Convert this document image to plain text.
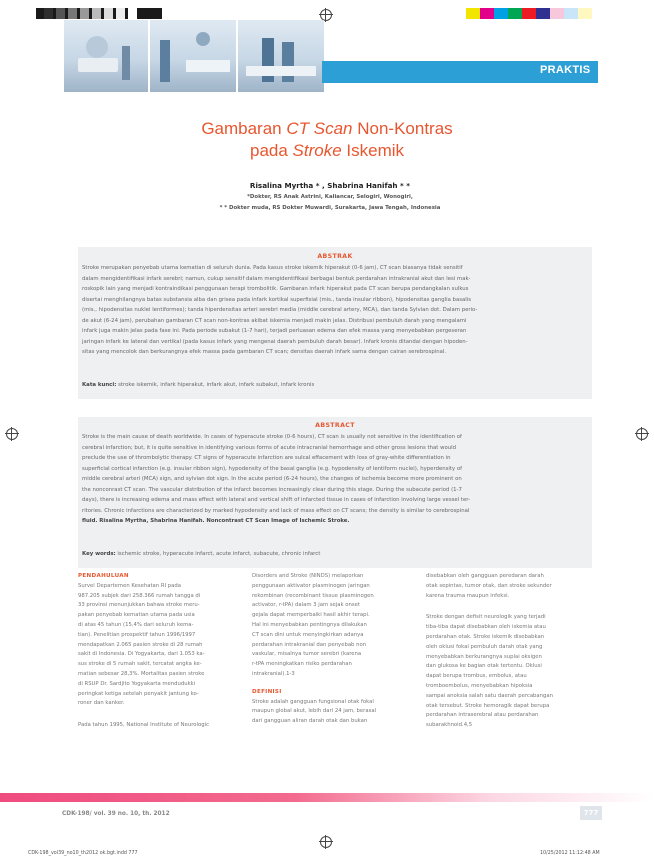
PRAKTIS
Gambaran CT Scan Non-Kontras
pada Stroke Iskemik
Risalina Myrtha * , Shabrina Hanifah * *
*Dokter, RS Anak Astrini, Kaliancar, Selogiri, Wonogiri,
* * Dokter muda, RS Dokter Muwardi, Surakarta, Jawa Tengah, Indonesia
ABSTRAK
Stroke merupakan penyebab utama kematian di seluruh dunia. Pada kasus stroke iskemik hiperakut (0-6 jam), CT scan biasanya tidak sensitif
dalam mengidentifikasi infark serebri; namun, cukup sensitif dalam mengidentifikasi berbagai bentuk perdarahan intrakranial akut dan lesi mak-
roskopik lain yang menjadi kontraindikasi penggunaan terapi trombolitik. Gambaran infark hiperakut pada CT scan berupa pendangkalan sulkus
disertai menghilangnya batas substansia alba dan grisea pada infark kortikal superfisial (mis., tanda insular ribbon), hipodensitas ganglia basalis
(mis., hipodensitas nuklei lentiformes); tanda hiperdensitas arteri serebri media (middle cerebral artery, MCA), dan tanda Sylvian dot. Dalam perio-
de akut (6-24 jam), perubahan gambaran CT scan non-kontras akibat iskemia menjadi makin jelas. Distribusi pembuluh darah yang mengalami
infark juga makin jelas pada fase ini. Pada periode subakut (1-7 hari), terjadi perluasan edema dan efek massa yang menyebabkan pergeseran
jaringan infark ke lateral dan vertikal (pada kasus infark yang mengenai daerah pembuluh darah besar). Infark kronis ditandai dengan hipoden-
sitas yang mencolok dan berkurangnya efek massa pada gambaran CT scan; densitas daerah infark sama dengan cairan serebrospinal.
Kata kunci: stroke iskemik, infark hiperakut, infark akut, infark subakut, infark kronis
ABSTRACT
Stroke is the main cause of death worldwide. In cases of hyperacute stroke (0-6 hours), CT scan is usually not sensitive in the identification of
cerebral infarction; but, it is quite sensitive in identifying various forms of acute intracranial hemorrhage and other gross lesions that would
preclude the use of thrombolytic therapy. CT signs of hyperacute infarction are sulcal effacement with loss of gray-white differentiation in
superficial cortical infarction (e.g. insular ribbon sign), hypodensity of the basal ganglia (e.g. hypodensity of lentiform nuclei), hyperdensity of
middle cerebral arteri (MCA) sign, and sylvian dot sign. In the acute period (6-24 hours), the changes of ischemia become more prominent on
the nonconrast CT scan. The vascular distribution of the infarct becomes increasingly clear during this stage. During the subacute period (1-7
days), there is increasing edema and mass effect with lateral and vertical shift of infarcted tissue in cases of infarction involving large vessel ter-
ritories. Chronic infarctions are characterized by marked hypodensity and lack of mass effect on CT scans; the density is similar to cerebrospinal
fluid. Risalina Myrtha, Shabrina Hanifah. Noncontrast CT Scan Image of Ischemic Stroke.
Key words: ischemic stroke, hyperacute infarct, acute infarct, subacute, chronic infarct

PENDAHULUAN

Survei Departemen Kesehatan RI pada

987.205 subjek dari 258.366 rumah tangga di

33 provinsi menunjukkan bahwa stroke meru-

pakan penyebab kematian utama pada usia

di atas 45 tahun (15,4% dari seluruh kema-

tian). Penelitian prospektif tahun 1996/1997

mendapatkan 2.065 pasien stroke di 28 rumah

sakit di Indonesia. Di Yogyakarta, dari 1.053 ka-

sus stroke di 5 rumah sakit, tercatat angka ke-

matian sebesar 28,3%. Mortalitas pasien stroke

di RSUP Dr. Sardjito Yogyakarta mendudukki

peringkat ketiga setelah penyakit jantung ko-

roner dan kanker.

Pada tahun 1995, National Institute of Neurologic

Disorders and Stroke (NINDS) melaporkan

penggunaan aktivator plasminogen jaringan

rekombinan (recombinant tissue plasminogen

activator, r-tPA) dalam 3 jam sejak onset

gejala dapat memperbaiki hasil akhir terapi.

Hal ini menyebabkan pentingnya dilakukan

CT scan dini untuk menyingkirkan adanya

perdarahan intrakranial dan penyebab non

vaskular, misalnya tumor serebri (karena

r-tPA meningkatkan risiko perdarahan

intrakranial).1-3

DEFINISI

Stroke adalah gangguan fungsional otak fokal

maupun global akut, lebih dari 24 jam, berasal

dari gangguan aliran darah otak dan bukan

disebabkan oleh gangguan peredaran darah

otak sepintas, tumor otak, dan stroke sekunder

karena trauma maupun infeksi.

Stroke dengan defisit neurologik yang terjadi

tiba-tiba dapat disebabkan oleh iskemia atau

perdarahan otak. Stroke iskemik disebabkan

oleh oklusi fokal pembuluh darah otak yang

menyebabkan berkurangnya suplai oksigen

dan glukosa ke bagian otak tertentu. Oklusi

dapat berupa trombus, embolus, atau

tromboembolus, menyebabkan hipoksia

sampai anoksia salah satu daerah percabangan

otak tersebut. Stroke hemoragik dapat berupa

perdarahan intraserebral atau perdarahan

subarakhnoid.4,5

CDK-198/ vol. 39 no. 10, th. 2012	777
CDK-198_vol39_no10_th2012 ok.bgt.indd 777	10/25/2012 11:12:48 AM
